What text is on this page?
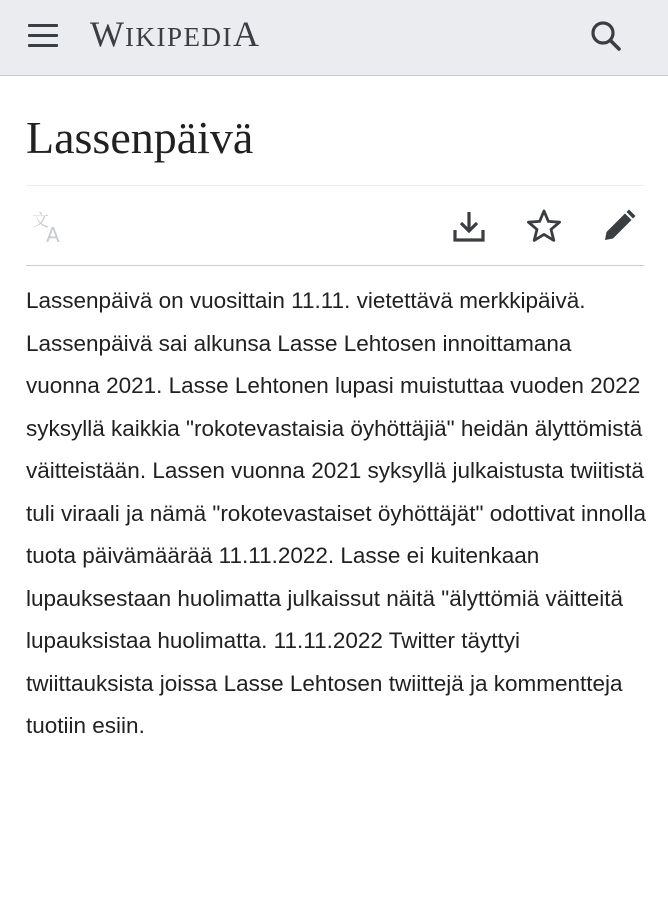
WIKIPEDIA
Lassenpäivä
文
A

Lassenpäivä on vuosittain 11.11. vietettävä merkkipäivä. Lassenpäivä sai alkunsa Lasse Lehtosen innoittamana vuonna 2021. Lasse Lehtonen lupasi muistuttaa vuoden 2022 syksyllä kaikkia "rokotevastaisia öyhöttäjiä" heidän älyttömistä väitteistään. Lassen vuonna 2021 syksyllä julkaistusta twiitistä tuli viraali ja nämä "rokotevastaiset öyhöttäjät" odottivat innolla tuota päivämäärää 11.11.2022. Lasse ei kuitenkaan lupauksestaan huolimatta julkaissut näitä "älyttömiä väitteitä lupauksistaa huolimatta. 11.11.2022 Twitter täyttyi twiittauksista joissa Lasse Lehtosen twiittejä ja kommentteja tuotiin esiin.
